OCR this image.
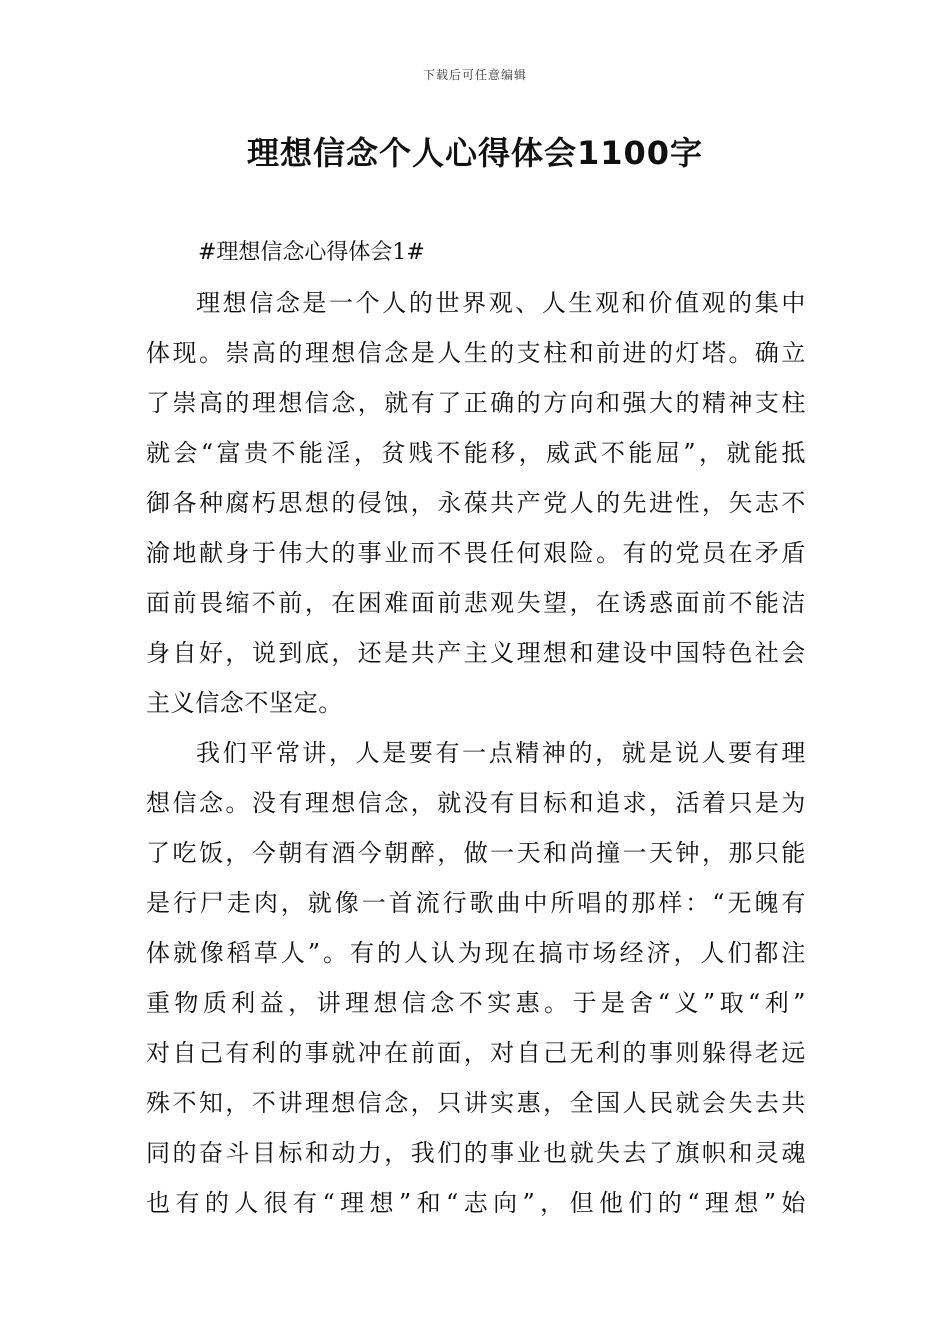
下载后可任意编辑
理想信念个人心得体会1100字

#理想信念心得体会1#

理想信念是一个人的世界观、人生观和价值观的集中
体现。崇高的理想信念是人生的支柱和前进的灯塔。确立
了崇高的理想信念，就有了正确的方向和强大的精神支柱
就会“富贵不能淫，贫贱不能移，威武不能屈”，就能抵
御各种腐朽思想的侵蚀，永葆共产党人的先进性，矢志不
渝地献身于伟大的事业而不畏任何艰险。有的党员在矛盾
面前畏缩不前，在困难面前悲观失望，在诱惑面前不能洁
身自好，说到底，还是共产主义理想和建设中国特色社会
主义信念不坚定。

我们平常讲，人是要有一点精神的，就是说人要有理
想信念。没有理想信念，就没有目标和追求，活着只是为
了吃饭，今朝有酒今朝醉，做一天和尚撞一天钟，那只能
是行尸走肉，就像一首流行歌曲中所唱的那样：“无魄有
体就像稻草人”。有的人认为现在搞市场经济，人们都注
重物质利益，讲理想信念不实惠。于是舍“义”取“利”
对自己有利的事就冲在前面，对自己无利的事则躲得老远
殊不知，不讲理想信念，只讲实惠，全国人民就会失去共
同的奋斗目标和动力，我们的事业也就失去了旗帜和灵魂
也有的人很有“理想”和“志向”，但他们的“理想”始
